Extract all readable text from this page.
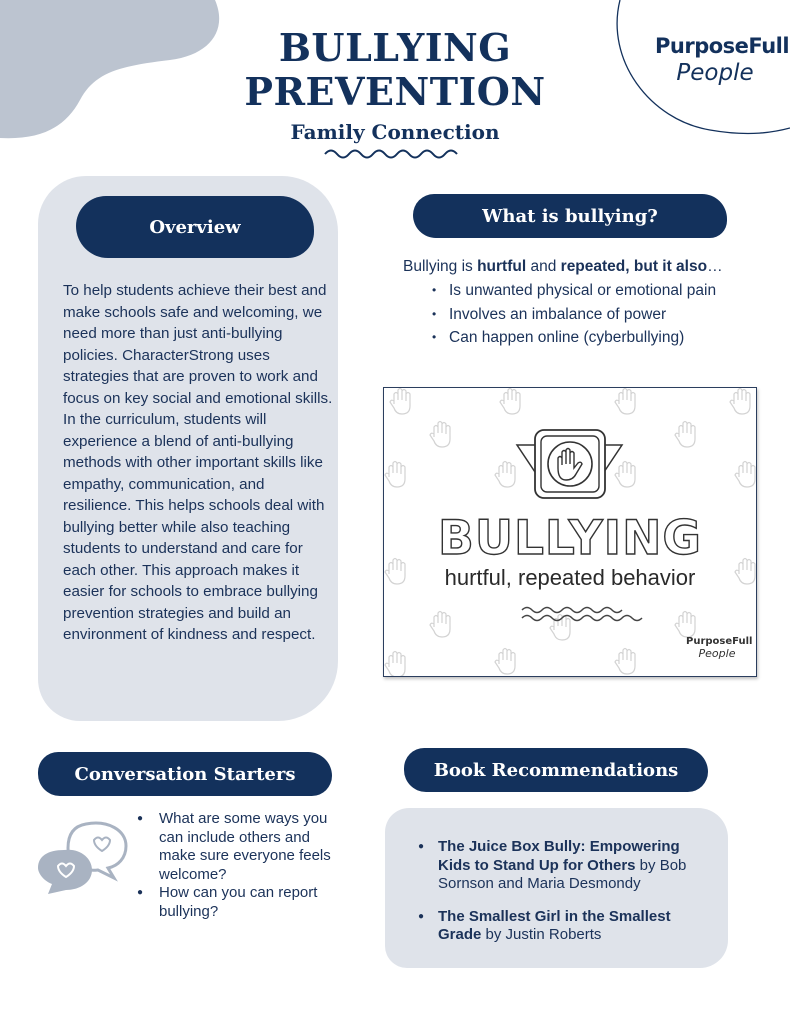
PurposeFull
People
BULLYING
PREVENTION
Family Connection
Overview
To help students achieve their best and make schools safe and welcoming, we need more than just anti-bullying policies. CharacterStrong uses strategies that are proven to work and focus on key social and emotional skills. In the curriculum, students will experience a blend of anti-bullying methods with other important skills like empathy, communication, and resilience. This helps schools deal with bullying better while also teaching students to understand and care for each other. This approach makes it easier for schools to embrace bullying prevention strategies and build an environment of kindness and respect.
What is bullying?
Bullying is hurtful and repeated, but it also…
• Is unwanted physical or emotional pain
• Involves an imbalance of power
• Can happen online (cyberbullying)
BULLYING
hurtful, repeated behavior
PurposeFull
People
Conversation Starters
● What are some ways you can include others and make sure everyone feels welcome?
● How can you can report bullying?
Book Recommendations
● The Juice Box Bully: Empowering Kids to Stand Up for Others by Bob Sornson and Maria Desmondy
● The Smallest Girl in the Smallest Grade by Justin Roberts
